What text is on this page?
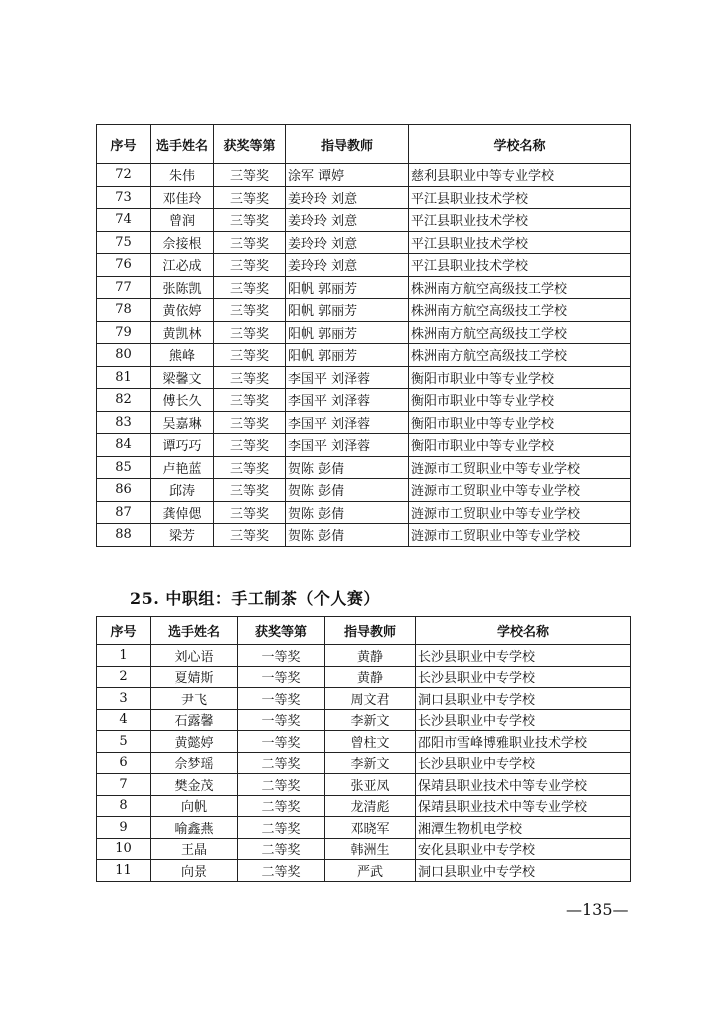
序号	选手姓名	获奖等第	指导教师	学校名称
72	朱伟	三等奖	涂军 谭婷	慈利县职业中等专业学校
73	邓佳玲	三等奖	姜玲玲 刘意	平江县职业技术学校
74	曾润	三等奖	姜玲玲 刘意	平江县职业技术学校
75	佘接根	三等奖	姜玲玲 刘意	平江县职业技术学校
76	江必成	三等奖	姜玲玲 刘意	平江县职业技术学校
77	张陈凯	三等奖	阳帆 郭丽芳	株洲南方航空高级技工学校
78	黄依婷	三等奖	阳帆 郭丽芳	株洲南方航空高级技工学校
79	黄凯林	三等奖	阳帆 郭丽芳	株洲南方航空高级技工学校
80	熊峰	三等奖	阳帆 郭丽芳	株洲南方航空高级技工学校
81	梁馨文	三等奖	李国平 刘泽蓉	衡阳市职业中等专业学校
82	傅长久	三等奖	李国平 刘泽蓉	衡阳市职业中等专业学校
83	吴嘉琳	三等奖	李国平 刘泽蓉	衡阳市职业中等专业学校
84	谭巧巧	三等奖	李国平 刘泽蓉	衡阳市职业中等专业学校
85	卢艳蓝	三等奖	贺陈 彭倩	涟源市工贸职业中等专业学校
86	邱涛	三等奖	贺陈 彭倩	涟源市工贸职业中等专业学校
87	龚倬偲	三等奖	贺陈 彭倩	涟源市工贸职业中等专业学校
88	梁芳	三等奖	贺陈 彭倩	涟源市工贸职业中等专业学校
25. 中职组：手工制茶（个人赛）
序号	选手姓名	获奖等第	指导教师	学校名称
1	刘心语	一等奖	黄静	长沙县职业中专学校
2	夏婧斯	一等奖	黄静	长沙县职业中专学校
3	尹飞	一等奖	周文君	洞口县职业中专学校
4	石露馨	一等奖	李新文	长沙县职业中专学校
5	黄懿婷	一等奖	曾柱文	邵阳市雪峰博雅职业技术学校
6	佘梦瑶	二等奖	李新文	长沙县职业中专学校
7	樊金茂	二等奖	张亚凤	保靖县职业技术中等专业学校
8	向帆	二等奖	龙清彪	保靖县职业技术中等专业学校
9	喻鑫燕	二等奖	邓晓军	湘潭生物机电学校
10	王晶	二等奖	韩洲生	安化县职业中专学校
11	向景	二等奖	严武	洞口县职业中专学校
—135—
